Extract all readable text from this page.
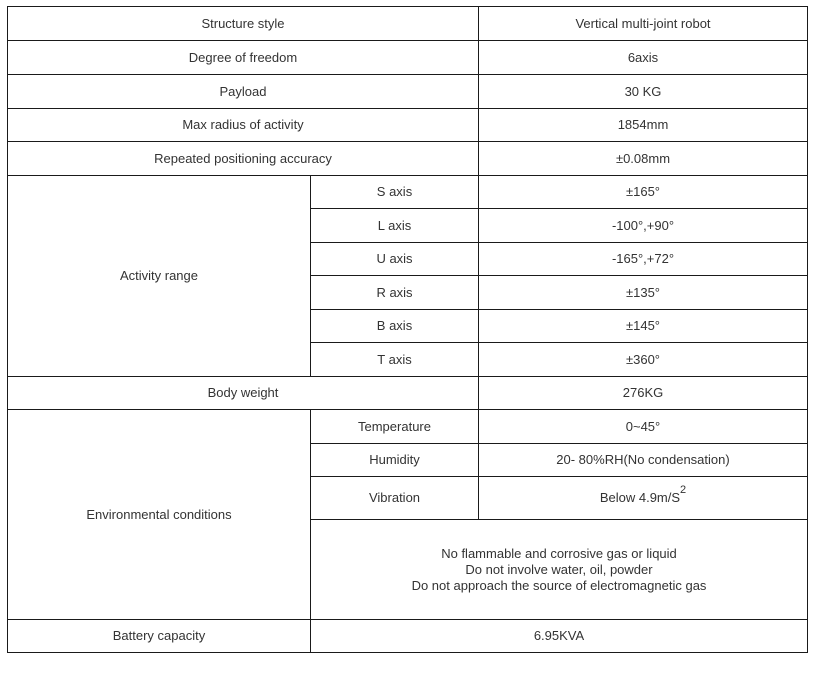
Structure style		Vertical multi-joint robot
Degree of freedom		6axis
Payload		30 KG
Max radius of activity		1854mm
Repeated positioning accuracy		±0.08mm
Activity range	S axis	±165°
	L axis	-100°,+90°
	U axis	-165°,+72°
	R axis	±135°
	B axis	±145°
	T axis	±360°
Body weight		276KG
Environmental conditions	Temperature	0~45°
	Humidity	20- 80%RH(No condensation)
	Vibration	Below $4.9m/S^2$

	No flammable and corrosive gas or liquid
Do not involve water, oil, powder
Do not approach the source of electromagnetic gas	

Battery capacity	6.95KVA	
